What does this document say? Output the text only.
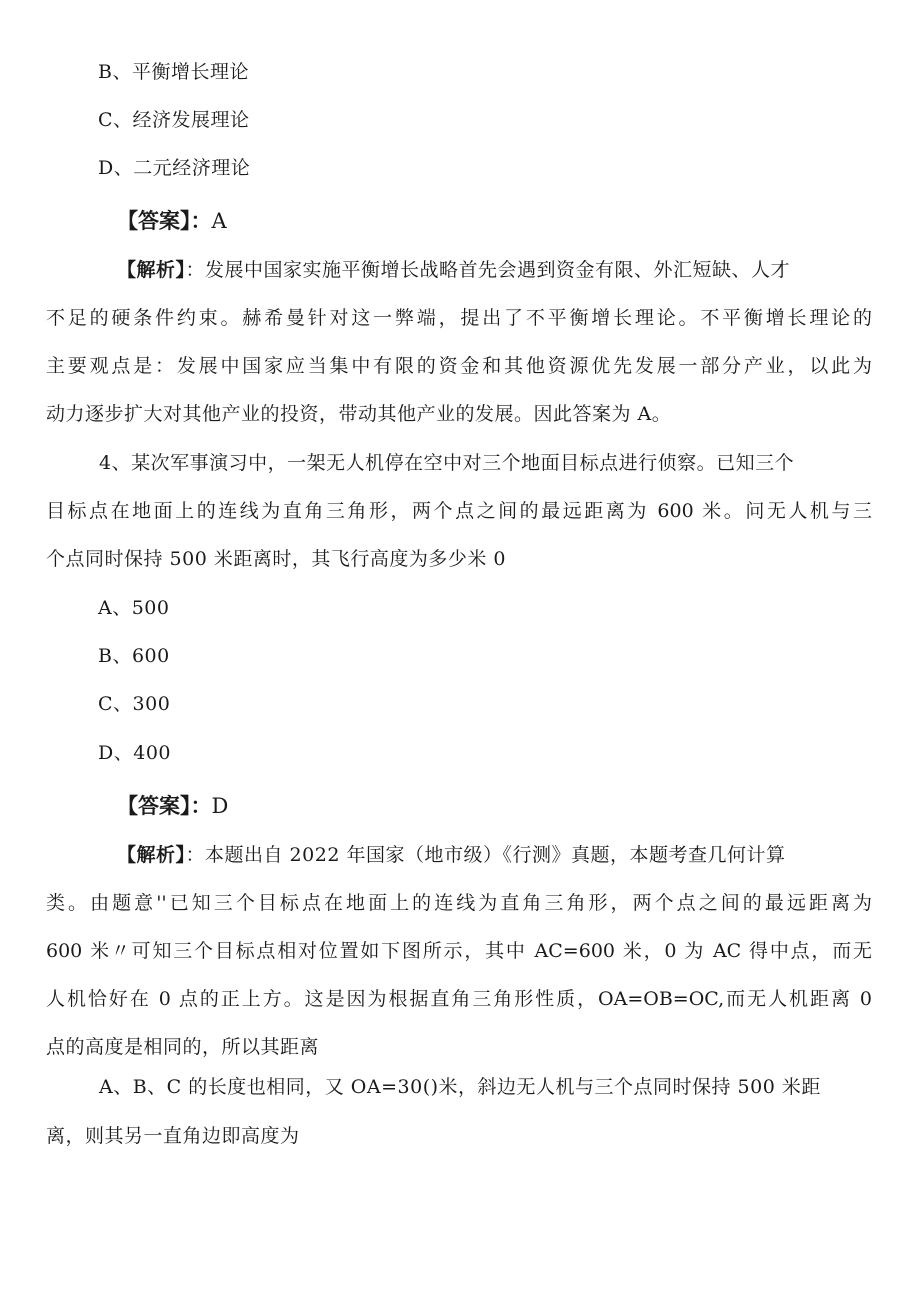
B、平衡增长理论
C、经济发展理论
D、二元经济理论
【答案】：A
【解析】：发展中国家实施平衡增长战略首先会遇到资金有限、外汇短缺、人才
不足的硬条件约束。赫希曼针对这一弊端，提出了不平衡增长理论。不平衡增长理论的
主要观点是：发展中国家应当集中有限的资金和其他资源优先发展一部分产业，以此为
动力逐步扩大对其他产业的投资，带动其他产业的发展。因此答案为 A。
4、某次军事演习中，一架无人机停在空中对三个地面目标点进行侦察。已知三个
目标点在地面上的连线为直角三角形，两个点之间的最远距离为 600 米。问无人机与三
个点同时保持 500 米距离时，其飞行高度为多少米 0
A、500
B、600
C、300
D、400
【答案】：D
【解析】：本题出自 2022 年国家（地市级）《行测》真题，本题考查几何计算
类。由题意''已知三个目标点在地面上的连线为直角三角形，两个点之间的最远距离为
600 米〃可知三个目标点相对位置如下图所示，其中 AC=600 米，0 为 AC 得中点，而无
人机恰好在 0 点的正上方。这是因为根据直角三角形性质，OA=OB=OC,而无人机距离 0
点的高度是相同的，所以其距离
A、B、C 的长度也相同，又 OA=30()米，斜边无人机与三个点同时保持 500 米距
离，则其另一直角边即高度为
